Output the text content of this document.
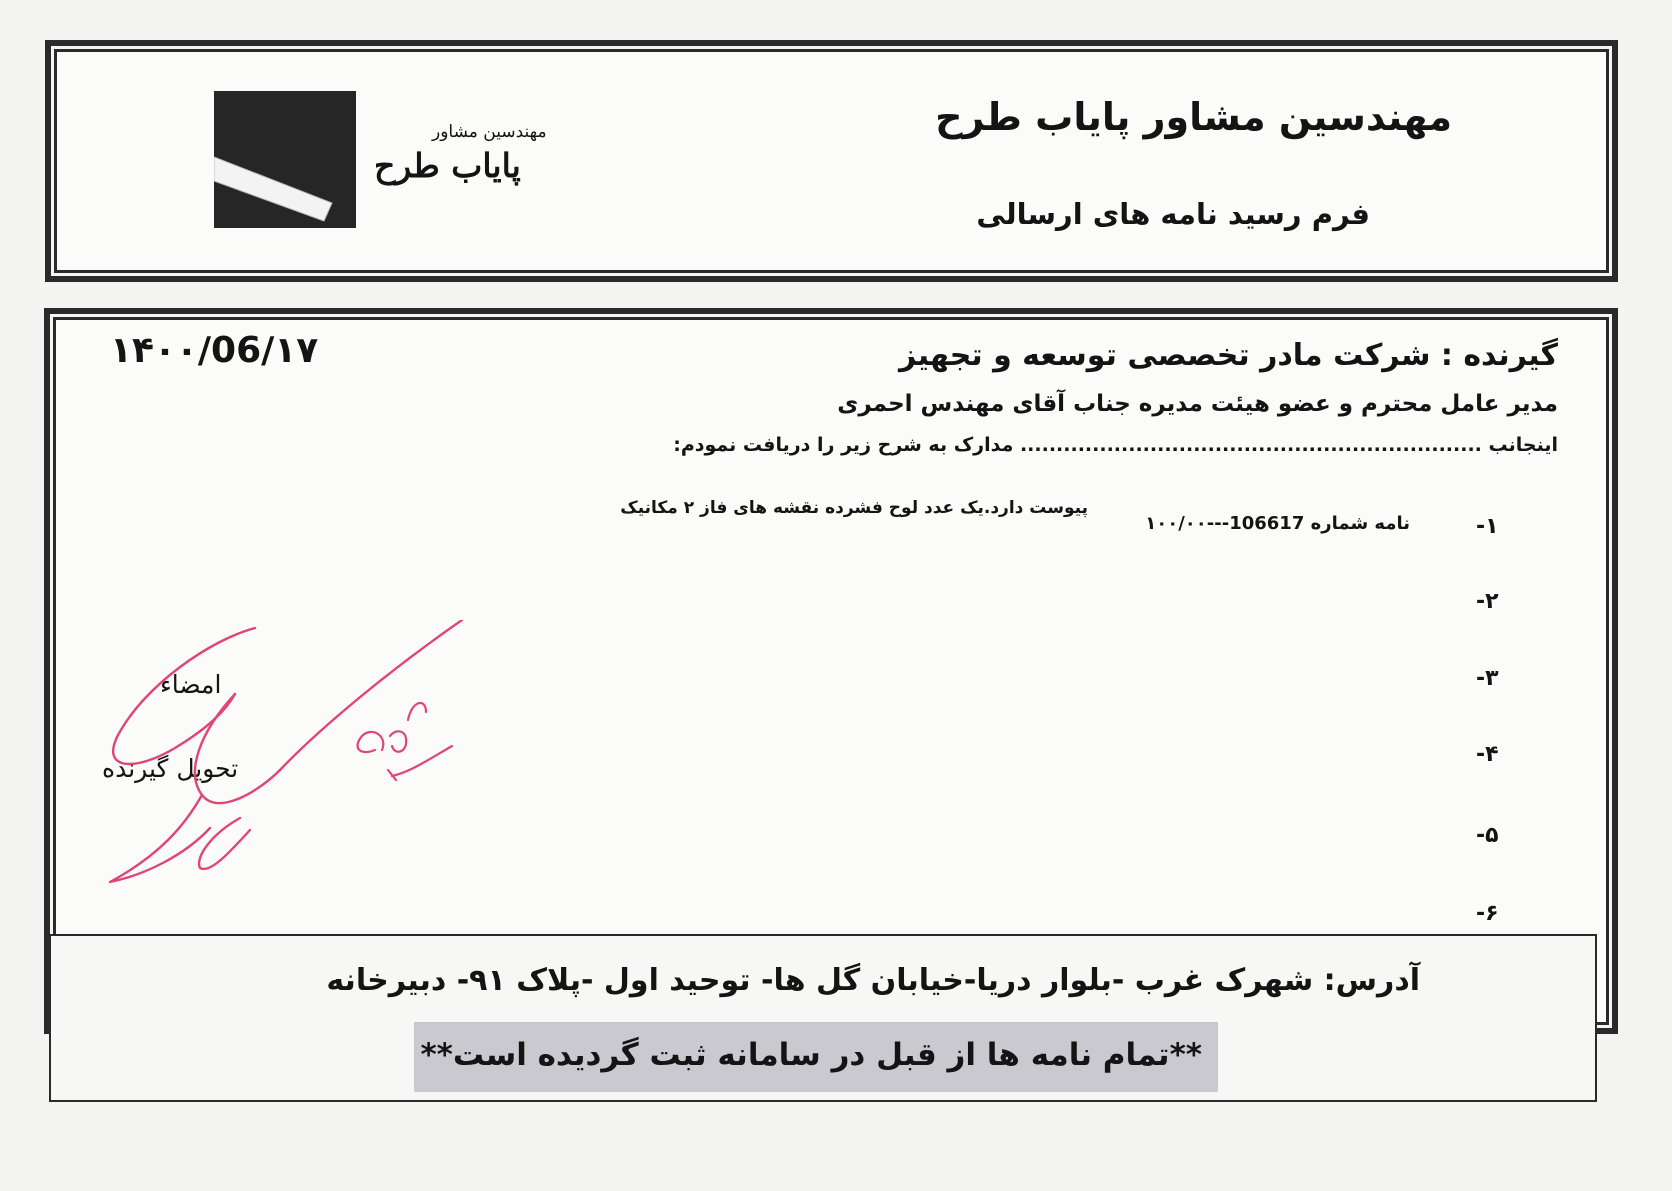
مهندسین مشاور پایاب طرح
فرم رسید نامه های ارسالی
مهندسین مشاور
پایاب طرح
۱۴۰۰/06/۱۷	گیرنده : شرکت مادر تخصصی توسعه و تجهیز
مدیر عامل محترم و عضو هیئت مدیره جناب آقای مهندس احمری
اینجانب ................................................................ مدارک به شرح زیر را دریافت نمودم:
-۱
نامه شماره 106617---۱۰۰/۰۰
پیوست دارد.یک عدد لوح فشرده نقشه های فاز ۲ مکانیک
-۲
-۳
-۴
-۵
-۶
امضاء
تحویل گیرنده
آدرس: شهرک غرب -بلوار دریا-خیابان گل ها- توحید اول -پلاک ۹۱- دبیرخانه
**تمام نامه ها از قبل در سامانه ثبت گردیده است**
